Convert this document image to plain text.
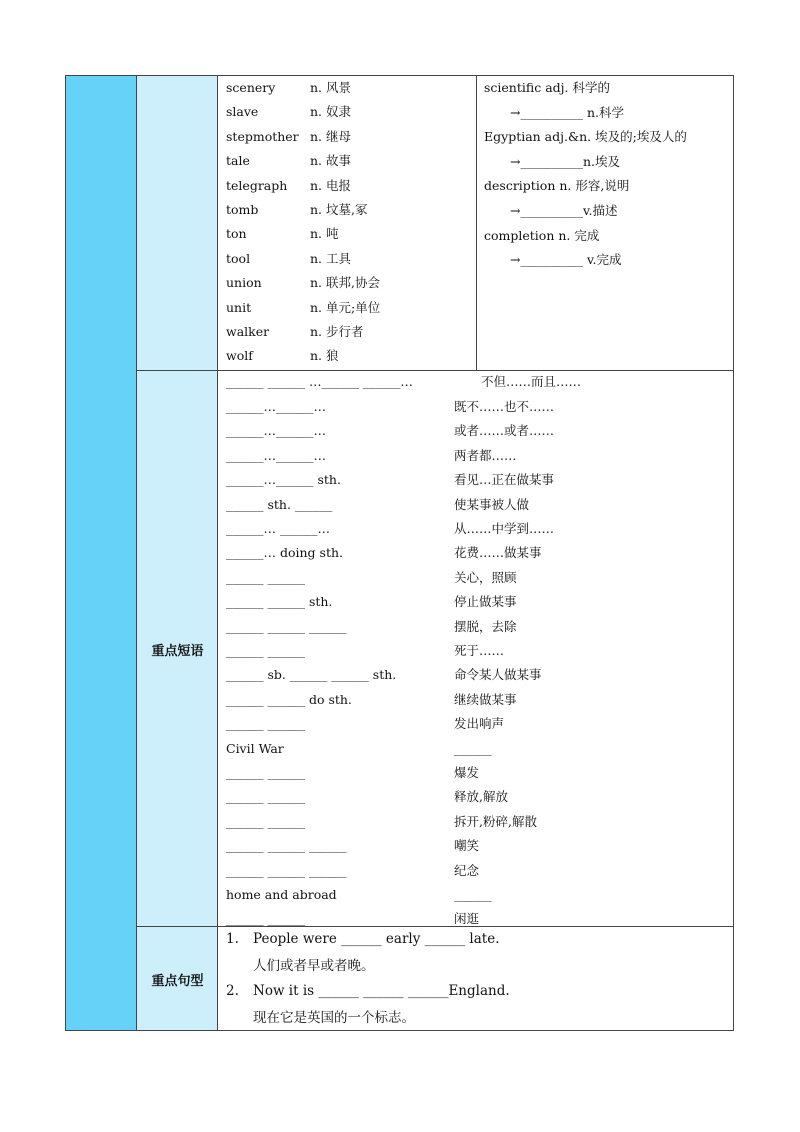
重点短语
重点句型
scenery	n. 风景
slave	n. 奴隶
stepmother n. 继母
tale	n. 故事
telegraph n. 电报
tomb	n. 坟墓,冢
ton	n. 吨
tool	n. 工具
union	n. 联邦,协会
unit	n. 单元;单位
walker	n. 步行者
wolf	n. 狼
scientific adj. 科学的
→__________ n.科学
Egyptian adj.&n. 埃及的;埃及人的
→__________n.埃及
description n. 形容,说明
→__________v.描述
completion n. 完成
→__________ v.完成
______ ______ …______ ______…	不但……而且……
______…______…	既不……也不……
______…______…	或者……或者……
______…______…	两者都……
______…______ sth.	看见…正在做某事
______ sth. ______	使某事被人做
______… ______…	从……中学到……
______… doing sth.	花费……做某事
______ ______	关心，照顾
______ ______ sth.	停止做某事
______ ______ ______	摆脱，去除
______ ______	死于……
______ sb. ______ ______ sth.	命令某人做某事
______ ______ do sth.	继续做某事
______ ______	发出响声
Civil War	______
______ ______	爆发
______ ______	释放,解放
______ ______	拆开,粉碎,解散
______ ______ ______	嘲笑
______ ______ ______	纪念
home and abroad	______
______ ______	闲逛
1. People were ______ early ______ late.
人们或者早或者晚。
2. Now it is ______ ______ ______England.
现在它是英国的一个标志。
